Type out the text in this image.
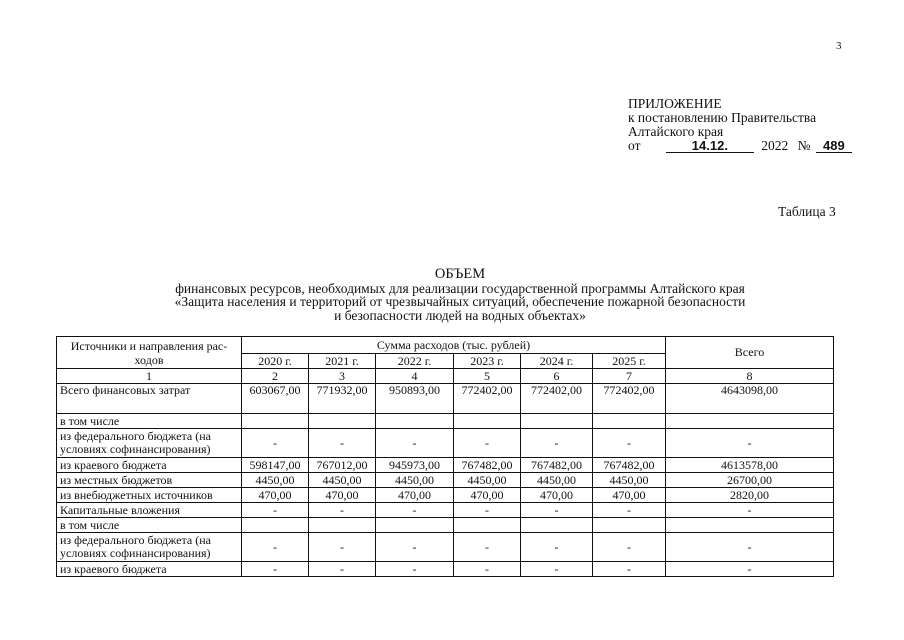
3
ПРИЛОЖЕНИЕ
к постановлению Правительства
Алтайского края
от	14.12. 2022 № 489
Таблица 3
ОБЪЕМ
финансовых ресурсов, необходимых для реализации государственной программы Алтайского края
«Защита населения и территорий от чрезвычайных ситуаций, обеспечение пожарной безопасности
и безопасности людей на водных объектах»
Источники и направления рас-ходов	Сумма расходов (тыс. рублей)						Всего
	2020 г.	2021 г.	2022 г.	2023 г.	2024 г.	2025 г.	
1	2	3	4	5	6	7	8
Всего финансовых затрат	603067,00	771932,00	950893,00	772402,00	772402,00	772402,00	4643098,00
в том числе							
из федерального бюджета (на условиях софинансирования)	-	-	-	-	-	-	-
из краевого бюджета	598147,00	767012,00	945973,00	767482,00	767482,00	767482,00	4613578,00
из местных бюджетов	4450,00	4450,00	4450,00	4450,00	4450,00	4450,00	26700,00
из внебюджетных источников	470,00	470,00	470,00	470,00	470,00	470,00	2820,00
Капитальные вложения	-	-	-	-	-	-	-
в том числе							
из федерального бюджета (на условиях софинансирования)	-	-	-	-	-	-	-
из краевого бюджета	-	-	-	-	-	-	-
